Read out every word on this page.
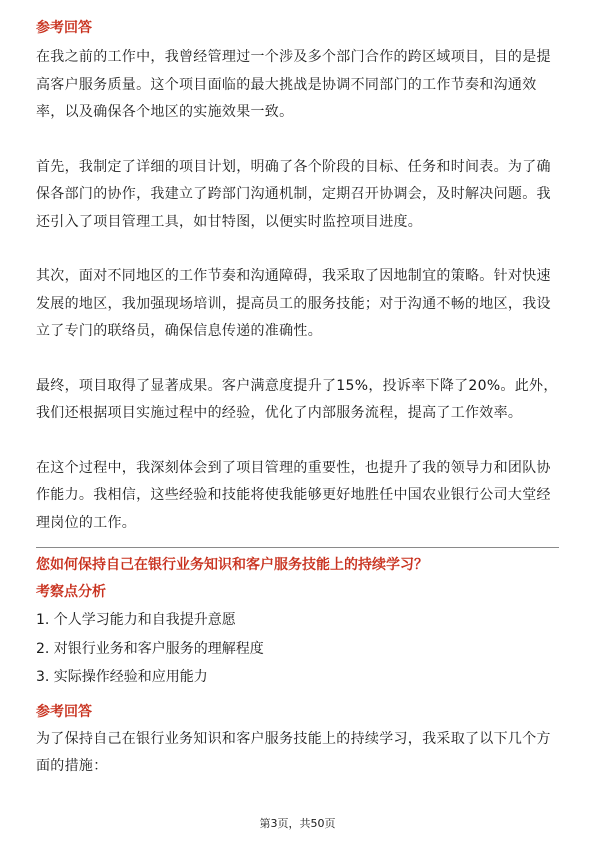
参考回答

在我之前的工作中，我曾经管理过一个涉及多个部门合作的跨区域项目，目的是提高客户服务质量。这个项目面临的最大挑战是协调不同部门的工作节奏和沟通效率，以及确保各个地区的实施效果一致。

首先，我制定了详细的项目计划，明确了各个阶段的目标、任务和时间表。为了确保各部门的协作，我建立了跨部门沟通机制，定期召开协调会，及时解决问题。我还引入了项目管理工具，如甘特图，以便实时监控项目进度。

其次，面对不同地区的工作节奏和沟通障碍，我采取了因地制宜的策略。针对快速发展的地区，我加强现场培训，提高员工的服务技能；对于沟通不畅的地区，我设立了专门的联络员，确保信息传递的准确性。

最终，项目取得了显著成果。客户满意度提升了15%，投诉率下降了20%。此外，我们还根据项目实施过程中的经验，优化了内部服务流程，提高了工作效率。

在这个过程中，我深刻体会到了项目管理的重要性，也提升了我的领导力和团队协作能力。我相信，这些经验和技能将使我能够更好地胜任中国农业银行公司大堂经理岗位的工作。

您如何保持自己在银行业务知识和客户服务技能上的持续学习？

考察点分析

1. 个人学习能力和自我提升意愿

2. 对银行业务和客户服务的理解程度

3. 实际操作经验和应用能力

参考回答

为了保持自己在银行业务知识和客户服务技能上的持续学习，我采取了以下几个方面的措施：

第3页，共50页
